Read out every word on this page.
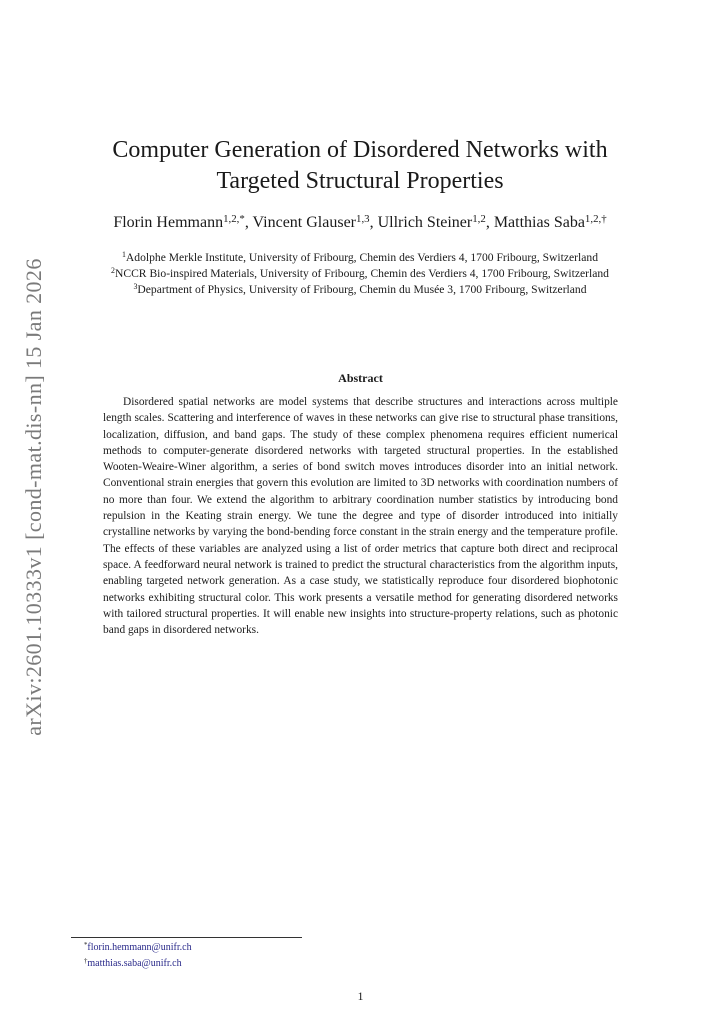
arXiv:2601.10333v1 [cond-mat.dis-nn] 15 Jan 2026
Computer Generation of Disordered Networks with
Targeted Structural Properties
Florin Hemmann$^{1,2,*}$, Vincent Glauser$^{1,3}$, Ullrich Steiner$^{1,2}$, Matthias Saba$^{1,2,\dagger}$
$^1$Adolphe Merkle Institute, University of Fribourg, Chemin des Verdiers 4, 1700 Fribourg, Switzerland
$^2$NCCR Bio-inspired Materials, University of Fribourg, Chemin des Verdiers 4, 1700 Fribourg, Switzerland
$^3$Department of Physics, University of Fribourg, Chemin du Musée 3, 1700 Fribourg, Switzerland
Abstract

Disordered spatial networks are model systems that describe structures and interactions across multiple length scales. Scattering and interference of waves in these networks can give rise to structural phase transitions, localization, diffusion, and band gaps. The study of these complex phenomena requires efficient numerical methods to computer-generate disordered networks with targeted structural properties. In the established Wooten-Weaire-Winer algorithm, a series of bond switch moves introduces disorder into an initial network. Conventional strain energies that govern this evolution are limited to 3D networks with coordination numbers of no more than four. We extend the algorithm to arbitrary coordination number statistics by introducing bond repulsion in the Keating strain energy. We tune the degree and type of disorder introduced into initially crystalline networks by varying the bond-bending force constant in the strain energy and the temperature profile. The effects of these variables are analyzed using a list of order metrics that capture both direct and reciprocal space. A feedforward neural network is trained to predict the structural characteristics from the algorithm inputs, enabling targeted network generation. As a case study, we statistically reproduce four disordered biophotonic networks exhibiting structural color. This work presents a versatile method for generating disordered networks with tailored structural properties. It will enable new insights into structure-property relations, such as photonic band gaps in disordered networks.

*florin.hemmann@unifr.ch
†matthias.saba@unifr.ch
1
